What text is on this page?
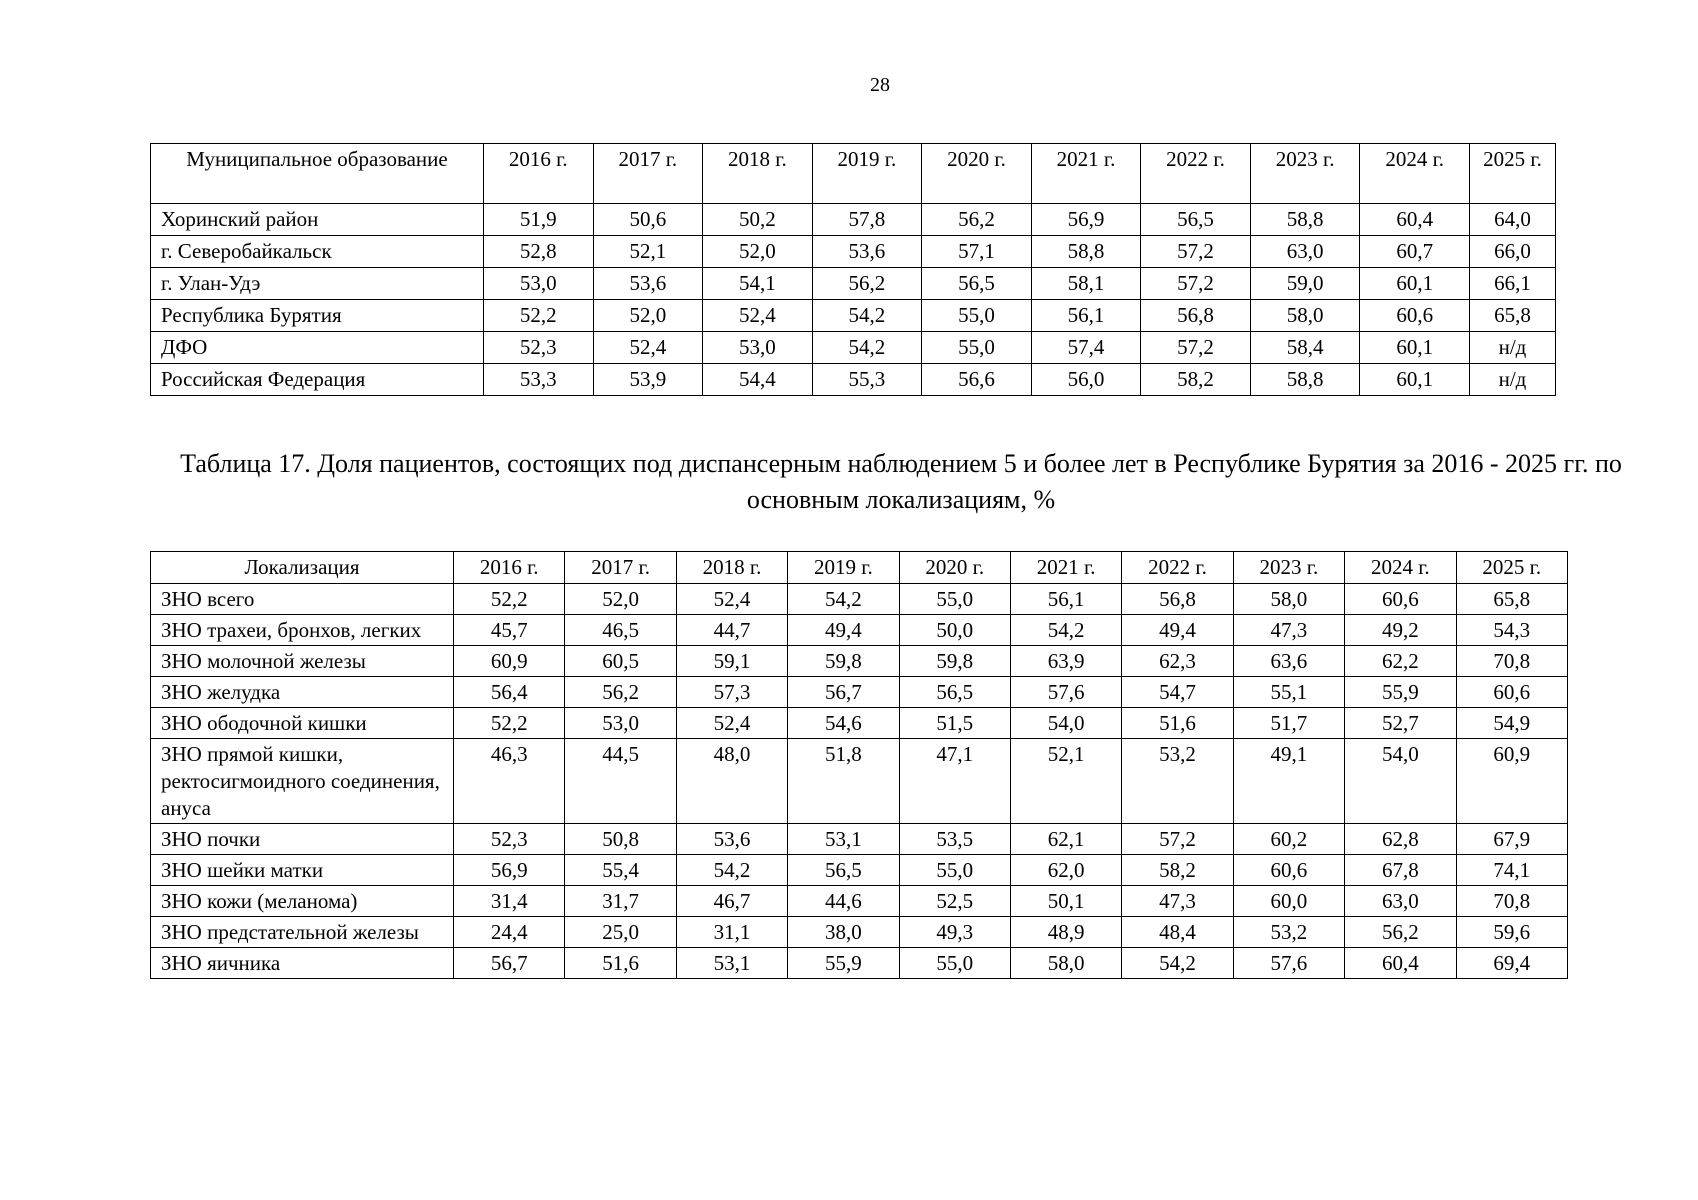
28
Муниципальное образование	2016 г.	2017 г.	2018 г.	2019 г.	2020 г.	2021 г.	2022 г.	2023 г.	2024 г.	2025 г.
Хоринский район	51,9	50,6	50,2	57,8	56,2	56,9	56,5	58,8	60,4	64,0
г. Северобайкальск	52,8	52,1	52,0	53,6	57,1	58,8	57,2	63,0	60,7	66,0
г. Улан-Удэ	53,0	53,6	54,1	56,2	56,5	58,1	57,2	59,0	60,1	66,1
Республика Бурятия	52,2	52,0	52,4	54,2	55,0	56,1	56,8	58,0	60,6	65,8
ДФО	52,3	52,4	53,0	54,2	55,0	57,4	57,2	58,4	60,1	н/д
Российская Федерация	53,3	53,9	54,4	55,3	56,6	56,0	58,2	58,8	60,1	н/д
Таблица 17. Доля пациентов, состоящих под диспансерным наблюдением 5 и более лет в Республике Бурятия за 2016 - 2025 гг. по основным локализациям, %
Локализация	2016 г.	2017 г.	2018 г.	2019 г.	2020 г.	2021 г.	2022 г.	2023 г.	2024 г.	2025 г.
ЗНО всего	52,2	52,0	52,4	54,2	55,0	56,1	56,8	58,0	60,6	65,8
ЗНО трахеи, бронхов, легких	45,7	46,5	44,7	49,4	50,0	54,2	49,4	47,3	49,2	54,3
ЗНО молочной железы	60,9	60,5	59,1	59,8	59,8	63,9	62,3	63,6	62,2	70,8
ЗНО желудка	56,4	56,2	57,3	56,7	56,5	57,6	54,7	55,1	55,9	60,6
ЗНО ободочной кишки	52,2	53,0	52,4	54,6	51,5	54,0	51,6	51,7	52,7	54,9
ЗНО прямой кишки, ректосигмоидного соединения, ануса	46,3	44,5	48,0	51,8	47,1	52,1	53,2	49,1	54,0	60,9
ЗНО почки	52,3	50,8	53,6	53,1	53,5	62,1	57,2	60,2	62,8	67,9
ЗНО шейки матки	56,9	55,4	54,2	56,5	55,0	62,0	58,2	60,6	67,8	74,1
ЗНО кожи (меланома)	31,4	31,7	46,7	44,6	52,5	50,1	47,3	60,0	63,0	70,8
ЗНО предстательной железы	24,4	25,0	31,1	38,0	49,3	48,9	48,4	53,2	56,2	59,6
ЗНО яичника	56,7	51,6	53,1	55,9	55,0	58,0	54,2	57,6	60,4	69,4
